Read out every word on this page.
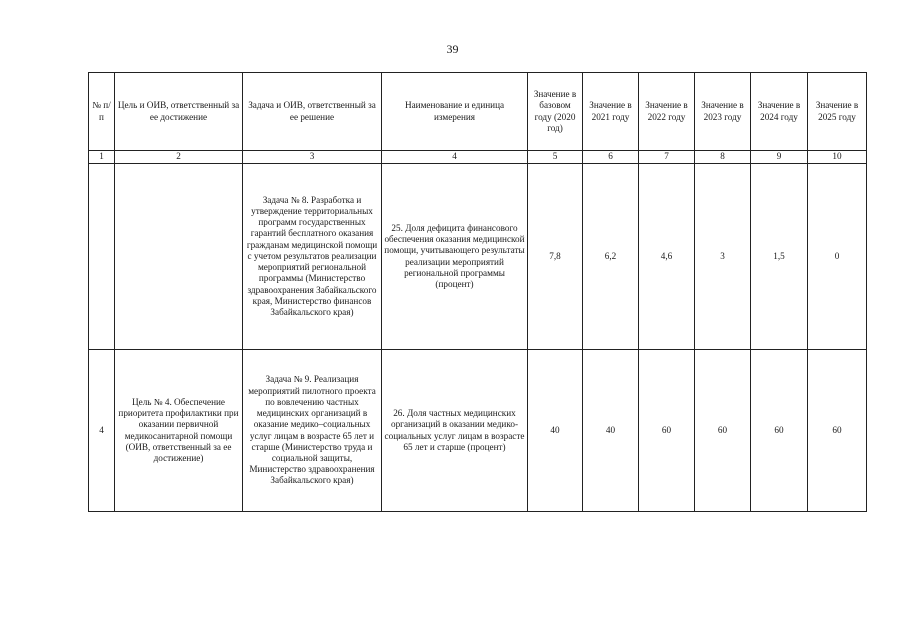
39
№ п/п	Цель и ОИВ, ответственный за ее достижение	Задача и ОИВ, ответственный за ее решение	Наименование и единица измерения	Значение в базовом году (2020 год)	Значение в 2021 году	Значение в 2022 году	Значение в 2023 году	Значение в 2024 году	Значение в 2025 году
1	2	3	4	5	6	7	8	9	10
		Задача № 8. Разработка и утверждение территориальных программ государственных гарантий бесплатного оказания гражданам медицинской помощи с учетом результатов реализации мероприятий региональной программы (Министерство здравоохранения Забайкальского края, Министерство финансов Забайкальского края)	25. Доля дефицита финансового обеспечения оказания медицинской помощи, учитывающего результаты реализации мероприятий региональной программы (процент)	7,8	6,2	4,6	3	1,5	0
4	Цель № 4. Обеспечение приоритета профилактики при оказании первичной медикосанитарной помощи (ОИВ, ответственный за ее достижение)	Задача № 9. Реализация мероприятий пилотного проекта по вовлечению частных медицинских организаций в оказание медико–социальных услуг лицам в возрасте 65 лет и старше (Министерство труда и социальной защиты, Министерство здравоохранения Забайкальского края)	26. Доля частных медицинских организаций в оказании медико-социальных услуг лицам в возрасте 65 лет и старше (процент)	40	40	60	60	60	60
